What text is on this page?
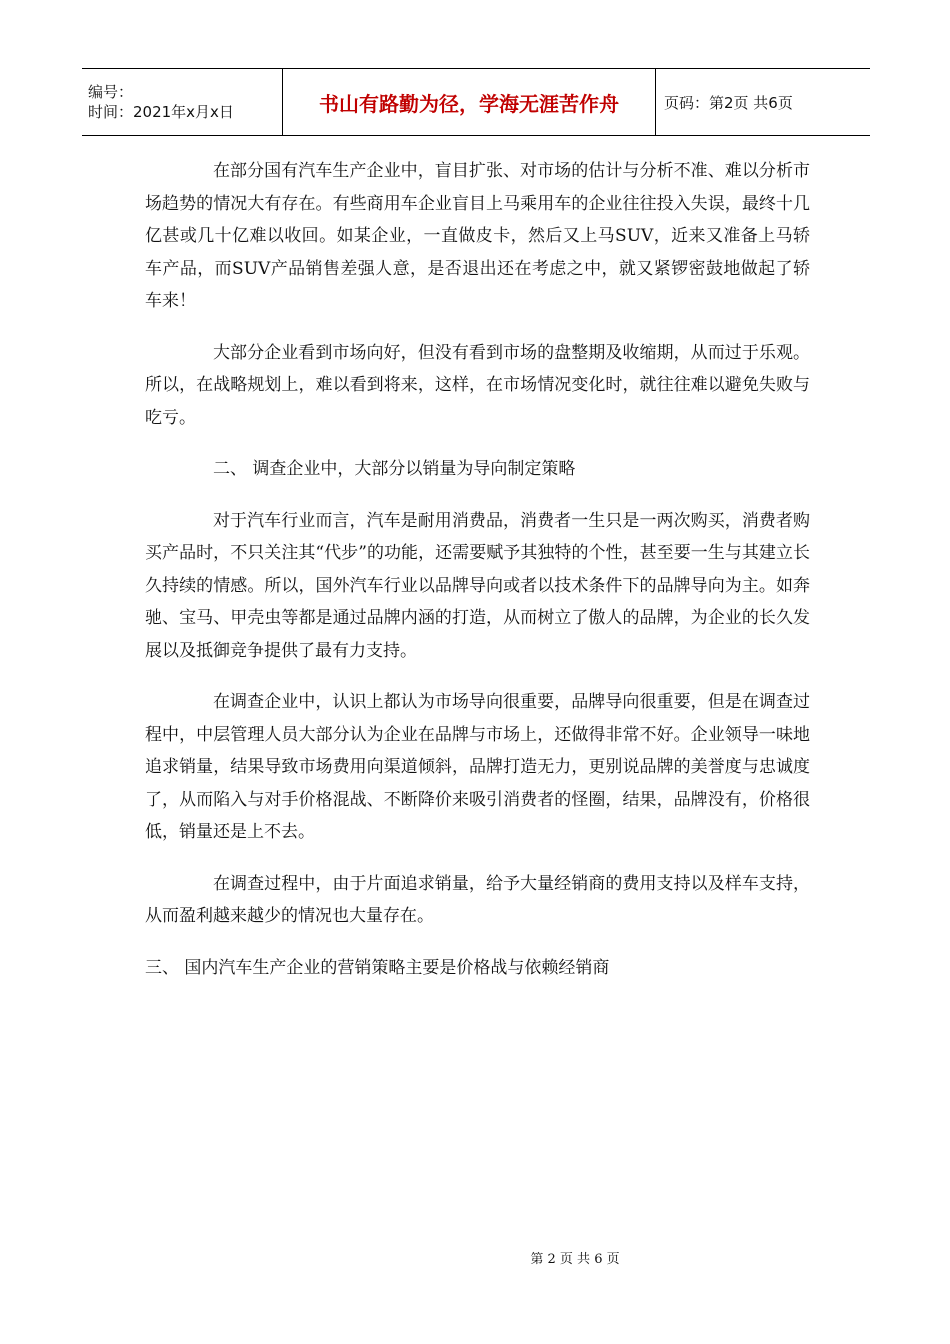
编号：
时间：2021年x月x日	书山有路勤为径，学海无涯苦作舟	页码：第2页 共6页

在部分国有汽车生产企业中，盲目扩张、对市场的估计与分析不准、难以分析市场趋势的情况大有存在。有些商用车企业盲目上马乘用车的企业往往投入失误，最终十几亿甚或几十亿难以收回。如某企业，一直做皮卡，然后又上马SUV，近来又准备上马轿车产品，而SUV产品销售差强人意，是否退出还在考虑之中，就又紧锣密鼓地做起了轿车来！

大部分企业看到市场向好，但没有看到市场的盘整期及收缩期，从而过于乐观。所以，在战略规划上，难以看到将来，这样，在市场情况变化时，就往往难以避免失败与吃亏。

二、 调查企业中，大部分以销量为导向制定策略

对于汽车行业而言，汽车是耐用消费品，消费者一生只是一两次购买，消费者购买产品时，不只关注其“代步”的功能，还需要赋予其独特的个性，甚至要一生与其建立长久持续的情感。所以，国外汽车行业以品牌导向或者以技术条件下的品牌导向为主。如奔驰、宝马、甲壳虫等都是通过品牌内涵的打造，从而树立了傲人的品牌，为企业的长久发展以及抵御竞争提供了最有力支持。

在调查企业中，认识上都认为市场导向很重要，品牌导向很重要，但是在调查过程中，中层管理人员大部分认为企业在品牌与市场上，还做得非常不好。企业领导一味地追求销量，结果导致市场费用向渠道倾斜，品牌打造无力，更别说品牌的美誉度与忠诚度了，从而陷入与对手价格混战、不断降价来吸引消费者的怪圈，结果，品牌没有，价格很低，销量还是上不去。

在调查过程中，由于片面追求销量，给予大量经销商的费用支持以及样车支持，从而盈利越来越少的情况也大量存在。

三、 国内汽车生产企业的营销策略主要是价格战与依赖经销商

第 2 页 共 6 页
